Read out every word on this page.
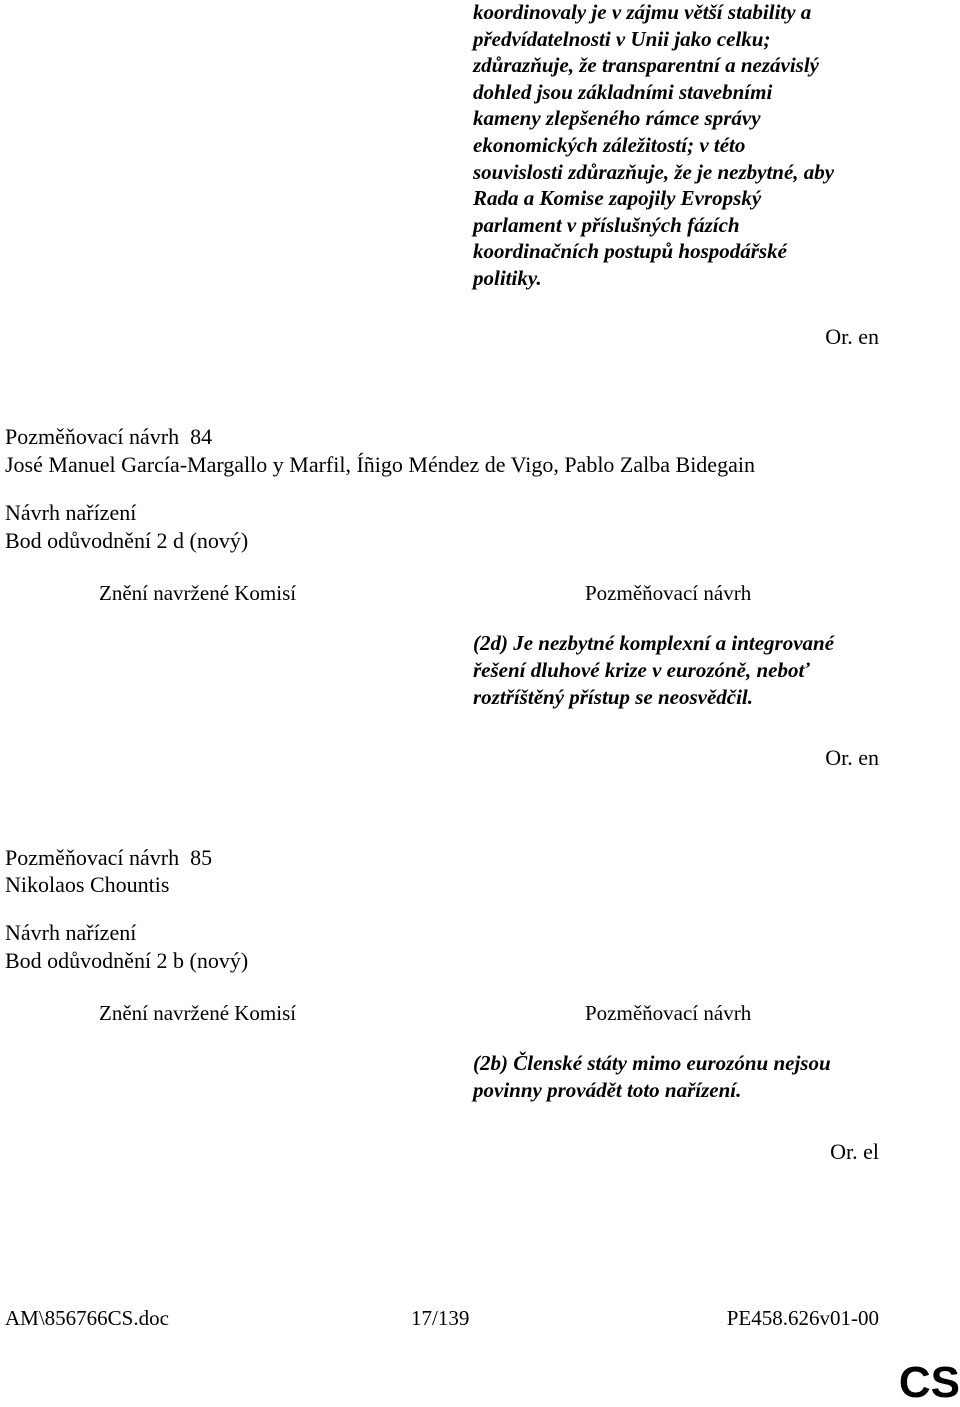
koordinovaly je v zájmu větší stability a
předvídatelnosti v Unii jako celku;
zdůrazňuje, že transparentní a nezávislý
dohled jsou základními stavebními
kameny zlepšeného rámce správy
ekonomických záležitostí; v této
souvislosti zdůrazňuje, že je nezbytné, aby
Rada a Komise zapojily Evropský
parlament v příslušných fázích
koordinačních postupů hospodářské
politiky.
Or. en
Pozměňovací návrh 84
José Manuel García-Margallo y Marfil, Íñigo Méndez de Vigo, Pablo Zalba Bidegain
Návrh nařízení
Bod odůvodnění 2 d (nový)
Znění navržené Komisí	Pozměňovací návrh
(2d) Je nezbytné komplexní a integrované
řešení dluhové krize v eurozóně, neboť
roztříštěný přístup se neosvědčil.
Or. en
Pozměňovací návrh 85
Nikolaos Chountis
Návrh nařízení
Bod odůvodnění 2 b (nový)
Znění navržené Komisí	Pozměňovací návrh
(2b) Členské státy mimo eurozónu nejsou
povinny provádět toto nařízení.
Or. el
AM\856766CS.doc	17/139	PE458.626v01-00
CS
